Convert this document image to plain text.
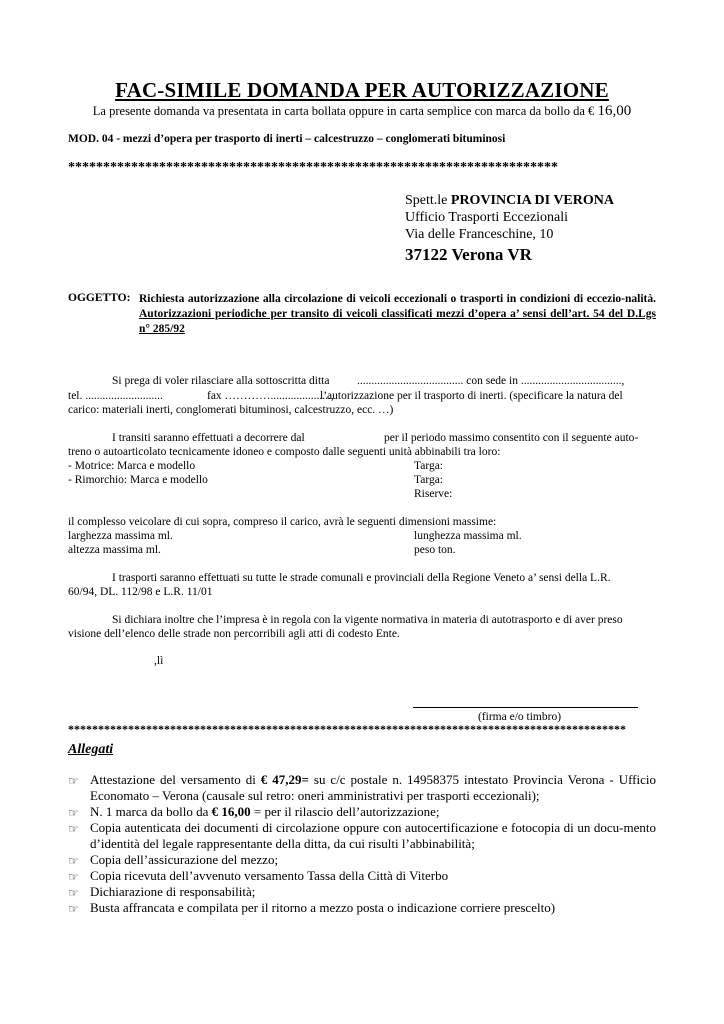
FAC-SIMILE DOMANDA PER AUTORIZZAZIONE
La presente domanda va presentata in carta bollata oppure in carta semplice con marca da bollo da € 16,00
MOD. 04 - mezzi d’opera per trasporto di inerti – calcestruzzo – conglomerati bituminosi
**********************************************************************
Spett.le PROVINCIA DI VERONA
Ufficio Trasporti Eccezionali
Via delle Franceschine, 10
37122 Verona VR
OGGETTO: Richiesta autorizzazione alla circolazione di veicoli eccezionali o trasporti in condizioni di eccezio-nalità. Autorizzazioni periodiche per transito di veicoli classificati mezzi d’opera a’ sensi dell’art. 54 del D.Lgs n° 285/92
Si prega di voler rilasciare alla sottoscritta ditta ..................................... con sede in ...................................,
tel. ...........................	fax ………….....................,
l’autorizzazione per il trasporto di inerti. (specificare la natura del
carico: materiali inerti, conglomerati bituminosi, calcestruzzo, ecc. …)
I transiti saranno effettuati a decorrere dal	per il periodo massimo consentito con il seguente auto-
treno o autoarticolato tecnicamente idoneo e composto dalle seguenti unità abbinabili tra loro:
- Motrice: Marca e modello	Targa:
- Rimorchio: Marca e modello	Targa:
Riserve:
il complesso veicolare di cui sopra, compreso il carico, avrà le seguenti dimensioni massime:
larghezza massima ml.	lunghezza massima ml.
altezza massima ml.	peso ton.
I trasporti saranno effettuati su tutte le strade comunali e provinciali della Regione Veneto a’ sensi della L.R.
60/94, DL. 112/98 e L.R. 11/01
Si dichiara inoltre che l’impresa è in regola con la vigente normativa in materia di autotrasporto e di aver preso
visione dell’elenco delle strade non percorribili agli atti di codesto Ente.
,lì
(firma e/o timbro)
*********************************************************************************************
Allegati
☞ Attestazione del versamento di € 47,29= su c/c postale n. 14958375 intestato Provincia Verona - Ufficio Economato – Verona (causale sul retro: oneri amministrativi per trasporti eccezionali);
☞ N. 1 marca da bollo da € 16,00 = per il rilascio dell’autorizzazione;
☞ Copia autenticata dei documenti di circolazione oppure con autocertificazione e fotocopia di un docu-mento d’identità del legale rappresentante della ditta, da cui risulti l’abbinabilità;
☞ Copia dell’assicurazione del mezzo;
☞ Copia ricevuta dell’avvenuto versamento Tassa della Città di Viterbo
☞ Dichiarazione di responsabilità;
☞ Busta affrancata e compilata per il ritorno a mezzo posta o indicazione corriere prescelto)
